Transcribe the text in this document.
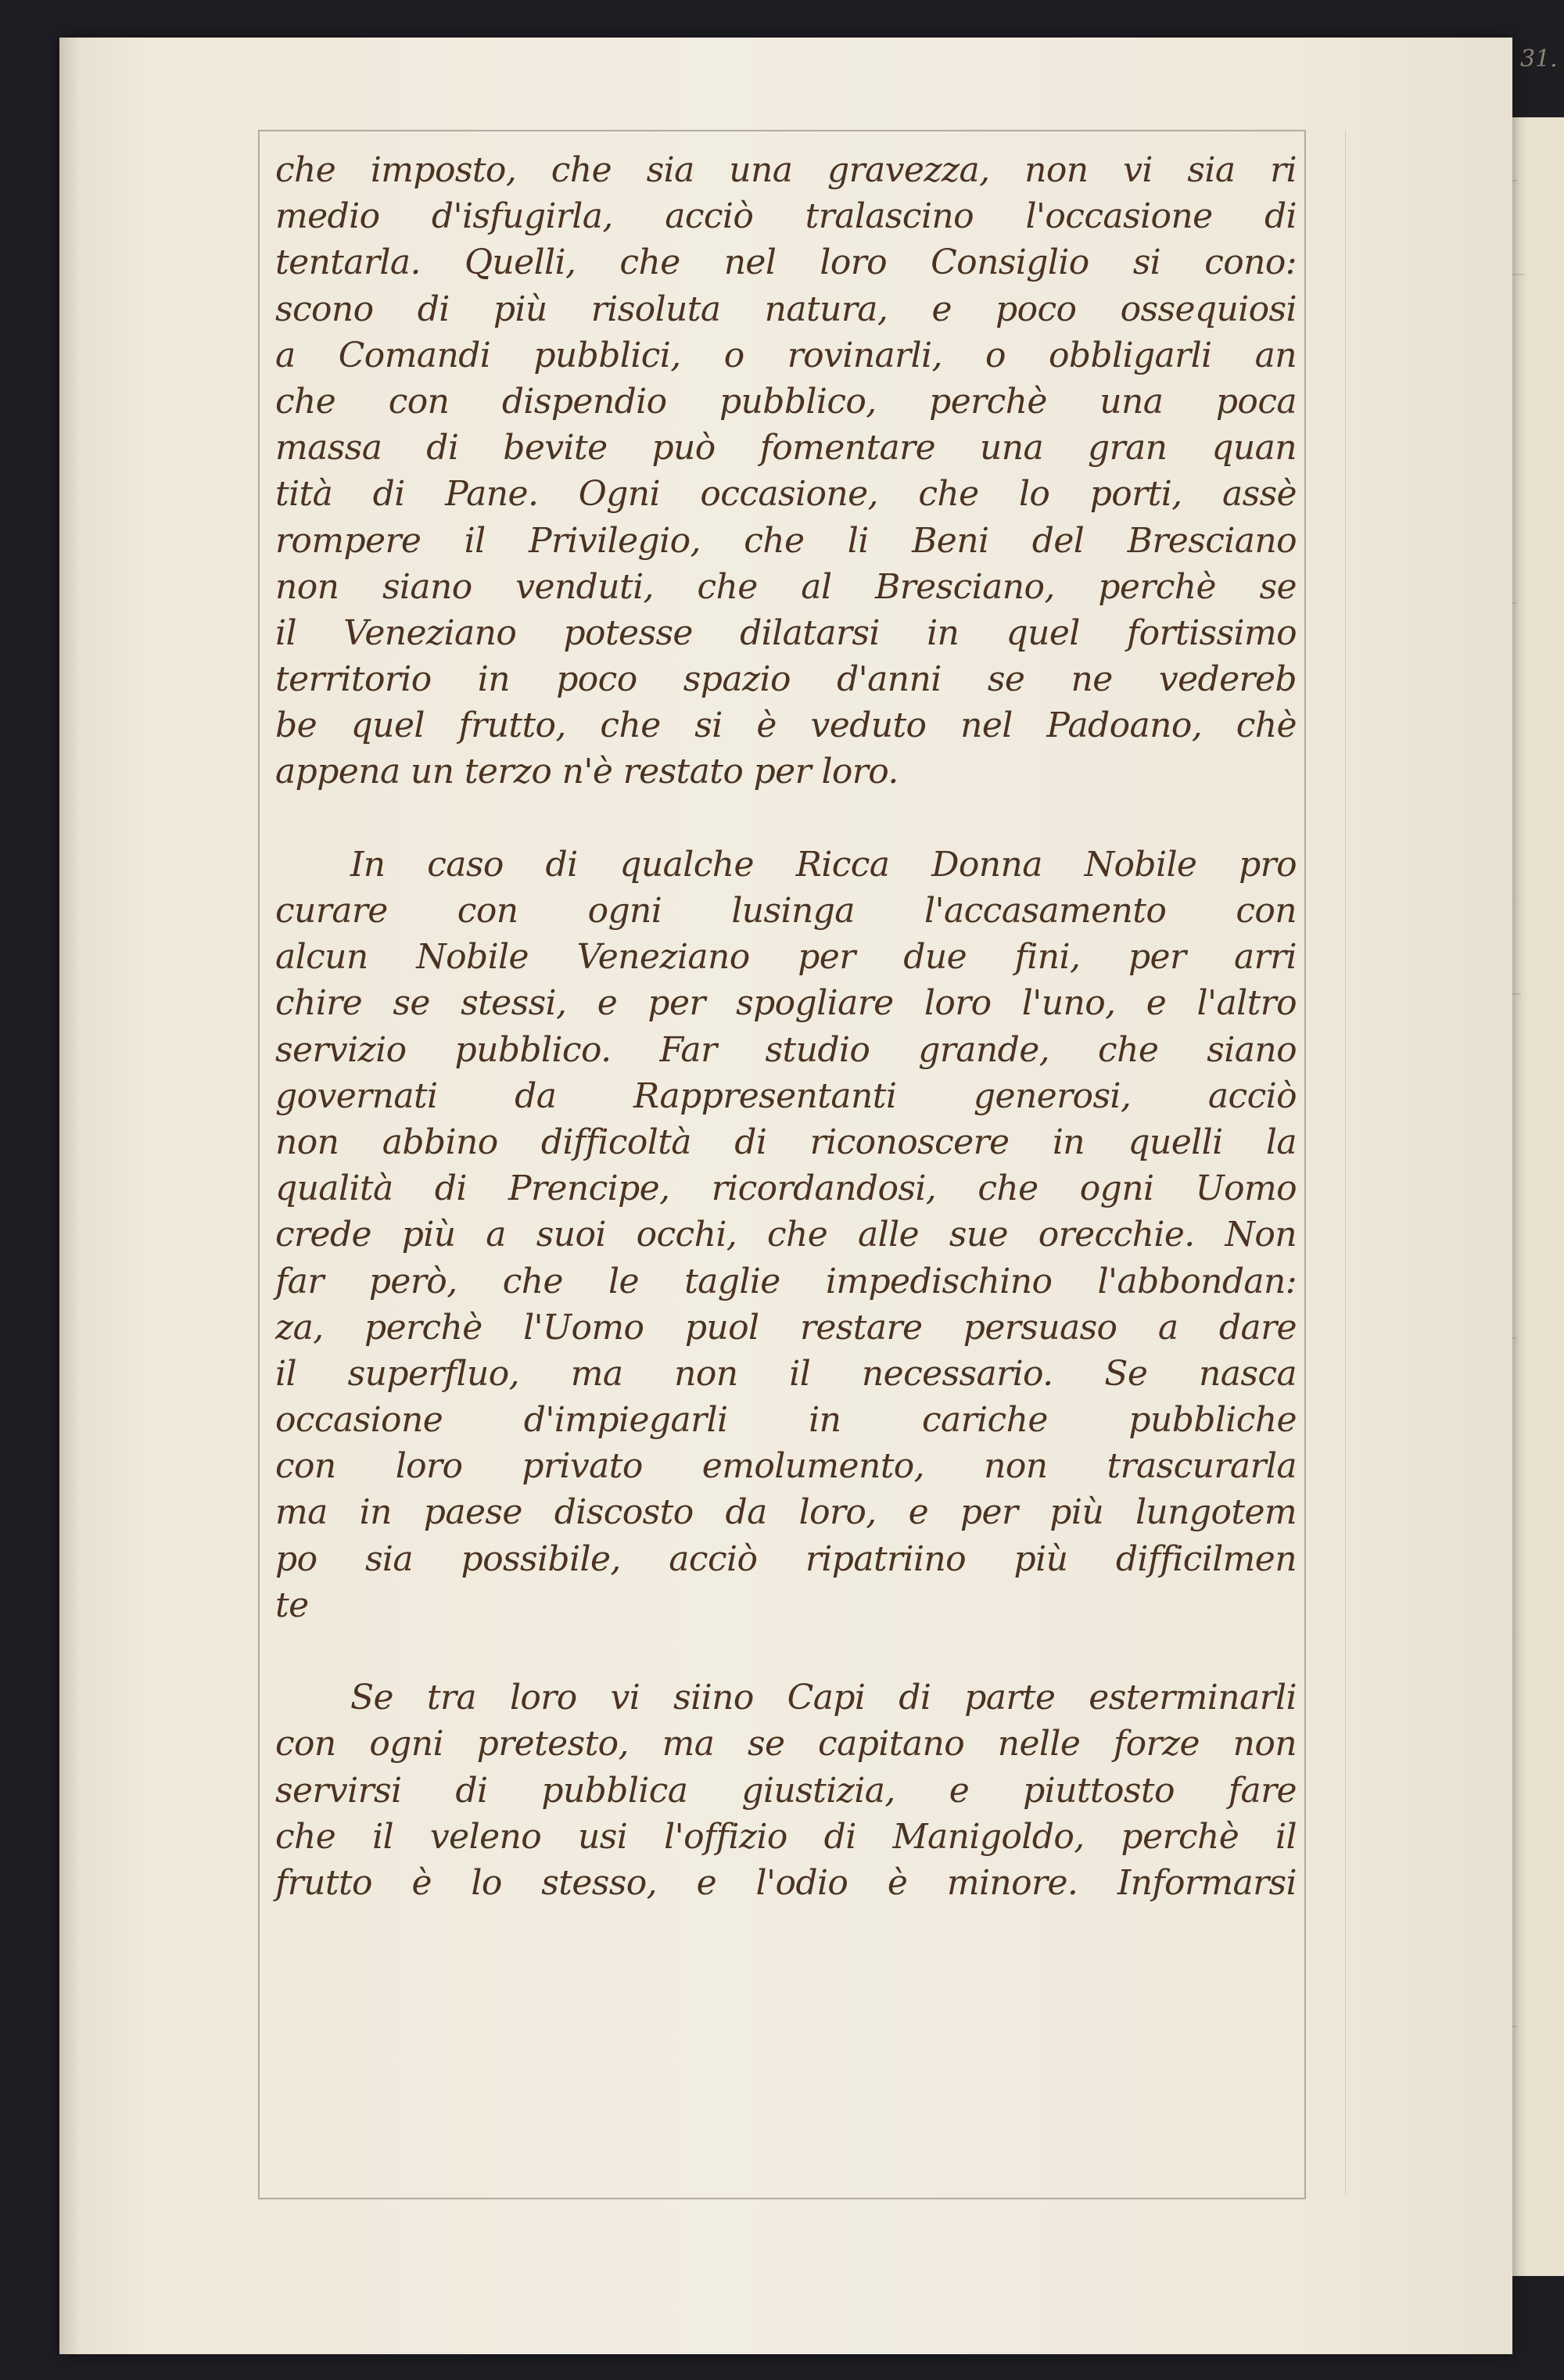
31.

che imposto, che sia una gravezza, non vi sia ri

medio d'isfugirla, acciò tralascino l'occasione di

tentarla. Quelli, che nel loro Consiglio si cono:

scono di più risoluta natura, e poco ossequiosi

a Comandi pubblici, o rovinarli, o obbligarli an

che con dispendio pubblico, perchè una poca

massa di bevite può fomentare una gran quan

tità di Pane. Ogni occasione, che lo porti, assè

rompere il Privilegio, che li Beni del Bresciano

non siano venduti, che al Bresciano, perchè se

il Veneziano potesse dilatarsi in quel fortissimo

territorio in poco spazio d'anni se ne vedereb

be quel frutto, che si è veduto nel Padoano, chè

appena un terzo n'è restato per loro.

In caso di qualche Ricca Donna Nobile pro

curare con ogni lusinga l'accasamento con

alcun Nobile Veneziano per due fini, per arri

chire se stessi, e per spogliare loro l'uno, e l'altro

servizio pubblico. Far studio grande, che siano

governati da Rappresentanti generosi, acciò

non abbino difficoltà di riconoscere in quelli la

qualità di Prencipe, ricordandosi, che ogni Uomo

crede più a suoi occhi, che alle sue orecchie. Non

far però, che le taglie impedischino l'abbondan:

za, perchè l'Uomo puol restare persuaso a dare

il superfluo, ma non il necessario. Se nasca

occasione d'impiegarli in cariche pubbliche

con loro privato emolumento, non trascurarla

ma in paese discosto da loro, e per più lungotem

po sia possibile, acciò ripatriino più difficilmen

te

Se tra loro vi siino Capi di parte esterminarli

con ogni pretesto, ma se capitano nelle forze non

servirsi di pubblica giustizia, e piuttosto fare

che il veleno usi l'offizio di Manigoldo, perchè il

frutto è lo stesso, e l'odio è minore. Informarsi
